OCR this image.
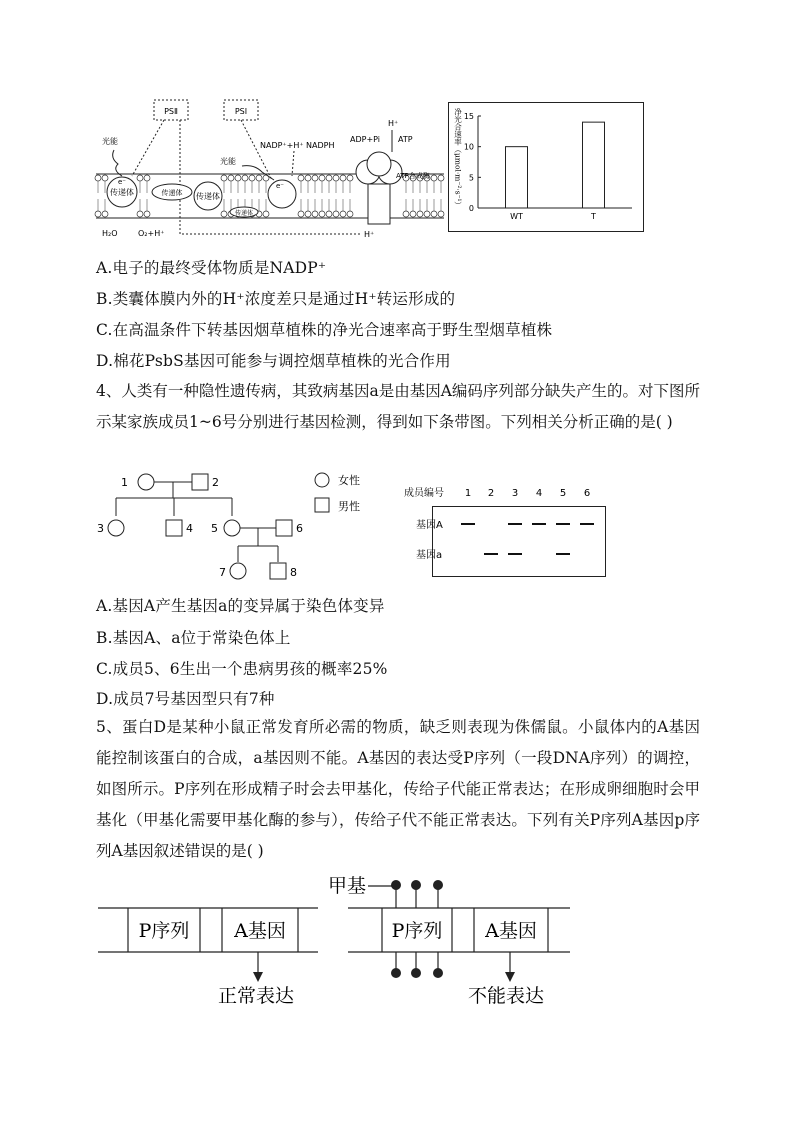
PSⅡ	PSⅠ
传递体
e⁻
传递体 传递体
传递体
e⁻
光能
光能
NADP⁺+H⁺ NADPH
ADP+Pi ATP
H⁺
ATP合成酶
H₂O	O₂+H⁺	H⁺
净光合速率（μmol·m⁻²·s⁻¹） 0
5
10
15
WT	T
A.电子的最终受体物质是NADP⁺
B.类囊体膜内外的H⁺浓度差只是通过H⁺转运形成的
C.在高温条件下转基因烟草植株的净光合速率高于野生型烟草植株
D.棉花PsbS基因可能参与调控烟草植株的光合作用
4、人类有一种隐性遗传病，其致病基因a是由基因A编码序列部分缺失产生的。对下图所示某家族成员1~6号分别进行基因检测，得到如下条带图。下列相关分析正确的是( )
1	2
3	4 5	6
7	8
女性
男性
成员编号 1 2 3 4 5 6
基因A
基因a
A.基因A产生基因a的变异属于染色体变异
B.基因A、a位于常染色体上
C.成员5、6生出一个患病男孩的概率25%
D.成员7号基因型只有7种
5、蛋白D是某种小鼠正常发育所必需的物质，缺乏则表现为侏儒鼠。小鼠体内的A基因能控制该蛋白的合成，a基因则不能。A基因的表达受P序列（一段DNA序列）的调控，如图所示。P序列在形成精子时会去甲基化，传给子代能正常表达；在形成卵细胞时会甲基化（甲基化需要甲基化酶的参与），传给子代不能正常表达。下列有关P序列A基因p序列A基因叙述错误的是( )
P序列 A基因
正常表达
P序列 A基因
甲基
不能表达
